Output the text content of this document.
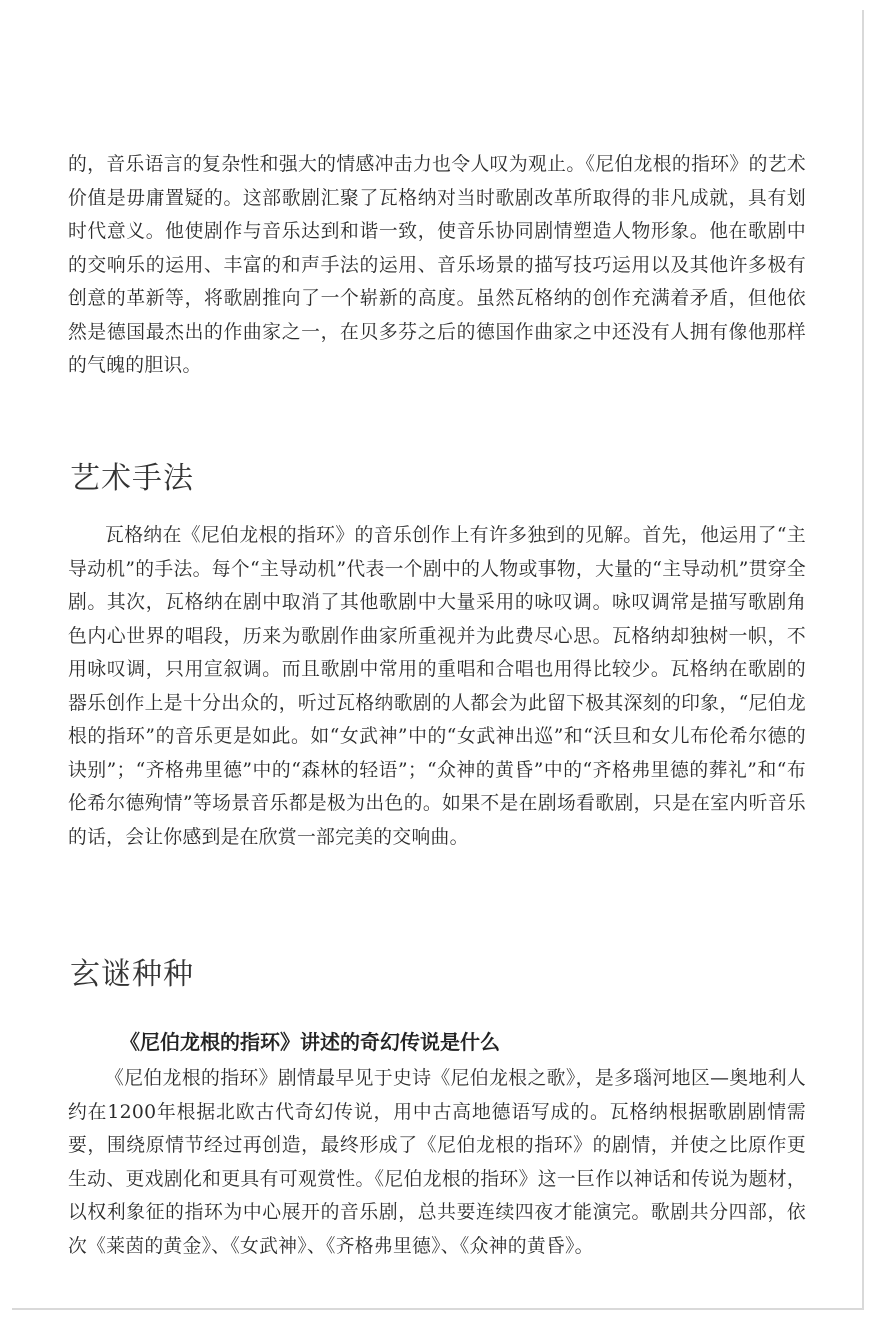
的，音乐语言的复杂性和强大的情感冲击力也令人叹为观止。《尼伯龙根的指环》的艺术价值是毋庸置疑的。这部歌剧汇聚了瓦格纳对当时歌剧改革所取得的非凡成就，具有划时代意义。他使剧作与音乐达到和谐一致，使音乐协同剧情塑造人物形象。他在歌剧中的交响乐的运用、丰富的和声手法的运用、音乐场景的描写技巧运用以及其他许多极有创意的革新等，将歌剧推向了一个崭新的高度。虽然瓦格纳的创作充满着矛盾，但他依然是德国最杰出的作曲家之一，在贝多芬之后的德国作曲家之中还没有人拥有像他那样的气魄的胆识。

艺术手法

瓦格纳在《尼伯龙根的指环》的音乐创作上有许多独到的见解。首先，他运用了“主导动机”的手法。每个“主导动机”代表一个剧中的人物或事物，大量的“主导动机”贯穿全剧。其次，瓦格纳在剧中取消了其他歌剧中大量采用的咏叹调。咏叹调常是描写歌剧角色内心世界的唱段，历来为歌剧作曲家所重视并为此费尽心思。瓦格纳却独树一帜，不用咏叹调，只用宣叙调。而且歌剧中常用的重唱和合唱也用得比较少。瓦格纳在歌剧的器乐创作上是十分出众的，听过瓦格纳歌剧的人都会为此留下极其深刻的印象，“尼伯龙根的指环”的音乐更是如此。如“女武神”中的“女武神出巡”和“沃旦和女儿布伦希尔德的诀别”；“齐格弗里德”中的“森林的轻语”；“众神的黄昏”中的“齐格弗里德的葬礼”和“布伦希尔德殉情”等场景音乐都是极为出色的。如果不是在剧场看歌剧，只是在室内听音乐的话，会让你感到是在欣赏一部完美的交响曲。

玄谜种种
《尼伯龙根的指环》讲述的奇幻传说是什么

《尼伯龙根的指环》剧情最早见于史诗《尼伯龙根之歌》，是多瑙河地区—奥地利人约在1200年根据北欧古代奇幻传说，用中古高地德语写成的。瓦格纳根据歌剧剧情需要，围绕原情节经过再创造，最终形成了《尼伯龙根的指环》的剧情，并使之比原作更生动、更戏剧化和更具有可观赏性。《尼伯龙根的指环》这一巨作以神话和传说为题材，以权利象征的指环为中心展开的音乐剧，总共要连续四夜才能演完。歌剧共分四部，依次《莱茵的黄金》、《女武神》、《齐格弗里德》、《众神的黄昏》。
